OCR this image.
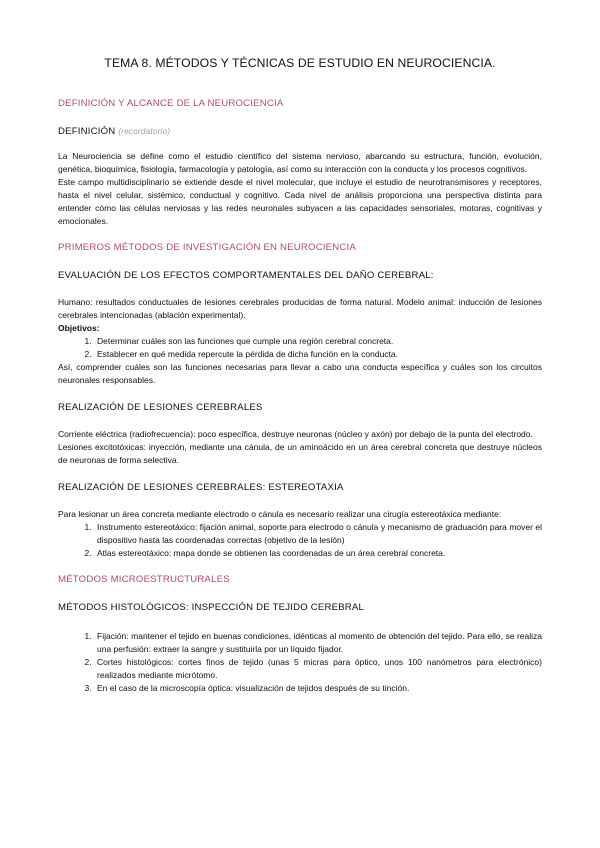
TEMA 8. MÉTODOS Y TÉCNICAS DE ESTUDIO EN NEUROCIENCIA.
DEFINICIÓN Y ALCANCE DE LA NEUROCIENCIA
DEFINICIÓN (recordatorio)

La Neurociencia se define como el estudio científico del sistema nervioso, abarcando su estructura, función, evolución, genética, bioquímica, fisiología, farmacología y patología, así como su interacción con la conducta y los procesos cognitivos.

Este campo multidisciplinario se extiende desde el nivel molecular, que incluye el estudio de neurotransmisores y receptores, hasta el nivel celular, sistémico, conductual y cognitivo. Cada nivel de análisis proporciona una perspectiva distinta para entender cómo las células nerviosas y las redes neuronales subyacen a las capacidades sensoriales, motoras, cognitivas y emocionales.

PRIMEROS MÉTODOS DE INVESTIGACIÓN EN NEUROCIENCIA
EVALUACIÓN DE LOS EFECTOS COMPORTAMENTALES DEL DAÑO CEREBRAL:

Humano: resultados conductuales de lesiones cerebrales producidas de forma natural. Modelo animal: inducción de lesiones cerebrales intencionadas (ablación experimental).

Objetivos:

1. Determinar cuáles son las funciones que cumple una región cerebral concreta.
2. Establecer en qué medida repercute la pérdida de dicha función en la conducta.

Así, comprender cuáles son las funciones necesarias para llevar a cabo una conducta específica y cuáles son los circuitos neuronales responsables.

REALIZACIÓN DE LESIONES CEREBRALES

Corriente eléctrica (radiofrecuencia): poco específica, destruye neuronas (núcleo y axón) por debajo de la punta del electrodo.

Lesiones excitotóxicas: inyección, mediante una cánula, de un aminoácido en un área cerebral concreta que destruye núcleos de neuronas de forma selectiva.

REALIZACIÓN DE LESIONES CEREBRALES: ESTEREOTAXIA

Para lesionar un área concreta mediante electrodo o cánula es necesario realizar una cirugía estereotáxica mediante:

1. Instrumento estereotáxico: fijación animal, soporte para electrodo o cánula y mecanismo de graduación para mover el dispositivo hasta las coordenadas correctas (objetivo de la lesión)
2. Atlas estereotáxico: mapa donde se obtienen las coordenadas de un área cerebral concreta.
MÉTODOS MICROESTRUCTURALES
MÉTODOS HISTOLÓGICOS: INSPECCIÓN DE TEJIDO CEREBRAL
1. Fijación: mantener el tejido en buenas condiciones, idénticas al momento de obtención del tejido. Para ello, se realiza una perfusión: extraer la sangre y sustituirla por un líquido fijador.
2. Cortes histológicos: cortes finos de tejido (unas 5 micras para óptico, unos 100 nanómetros para electrónico) realizados mediante micrótomo.
3. En el caso de la microscopía óptica: visualización de tejidos después de su tinción.
